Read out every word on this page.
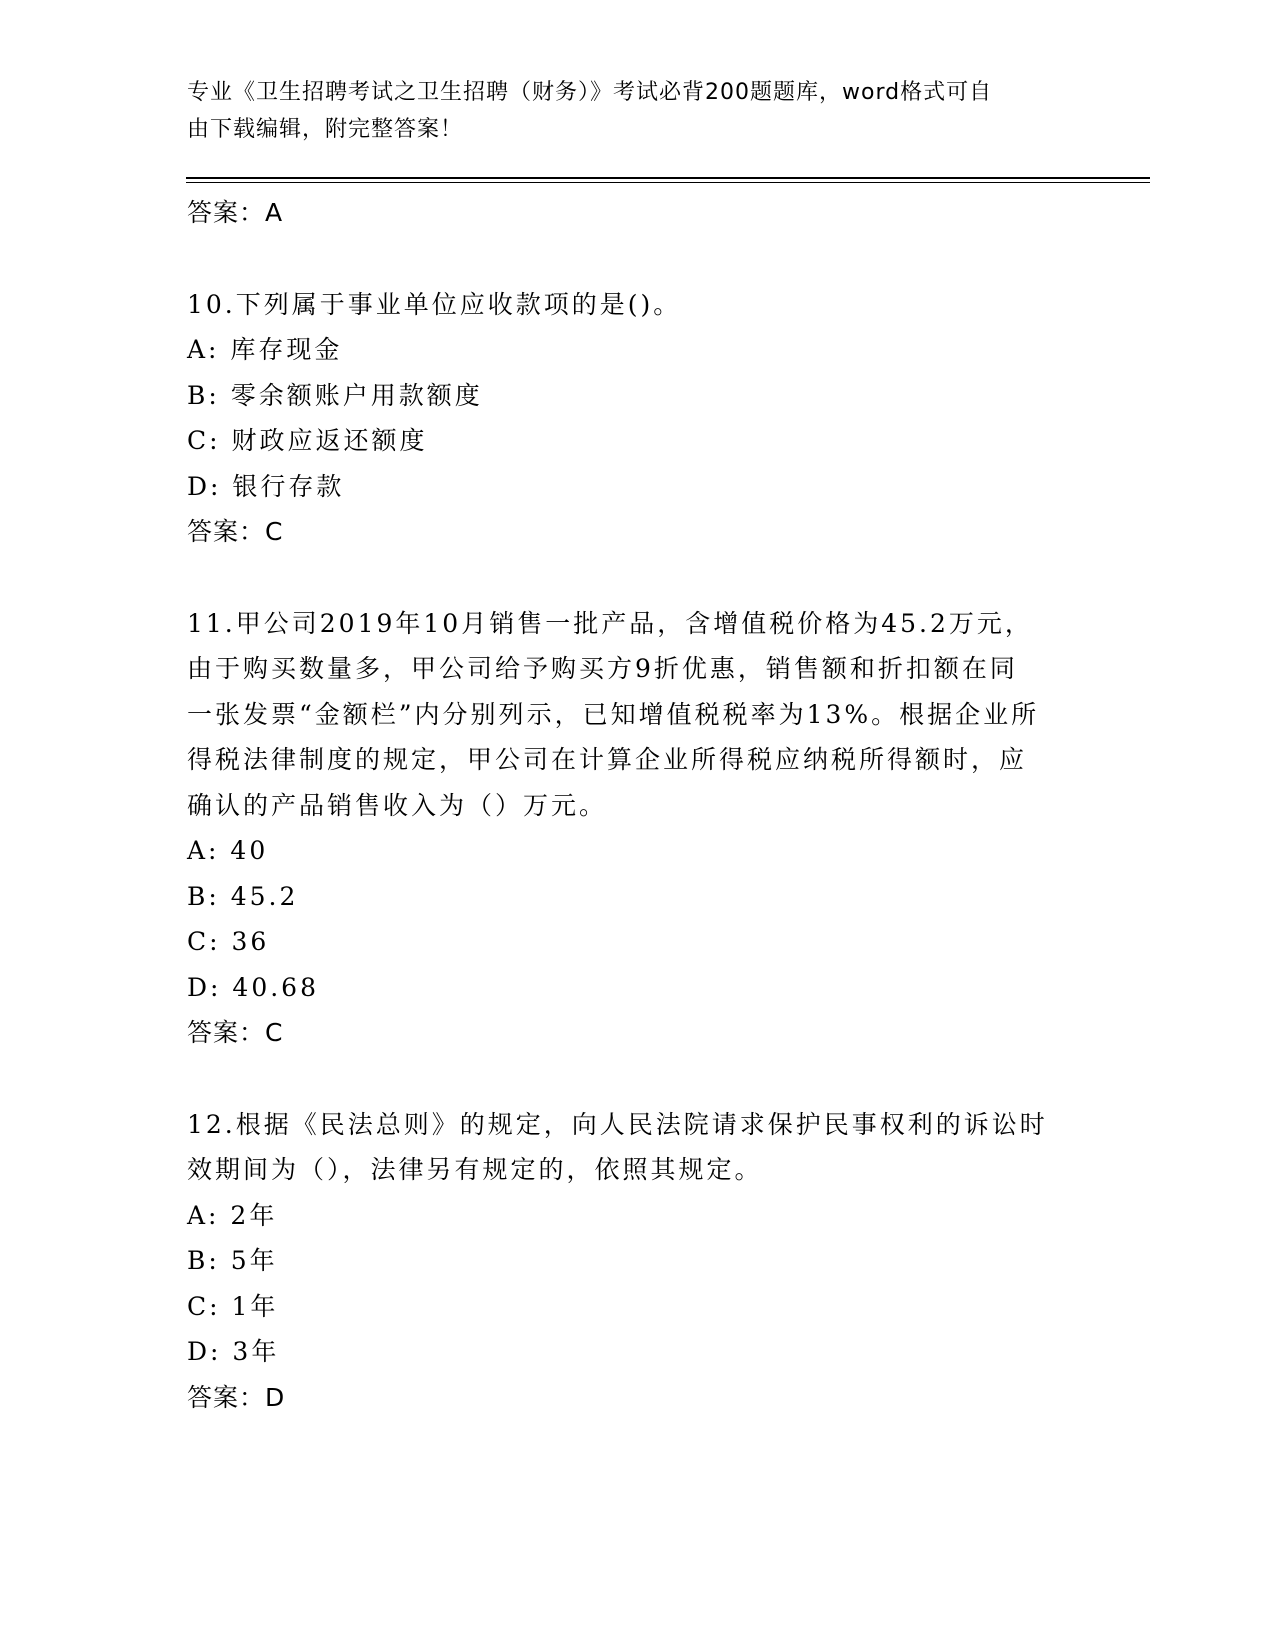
专业《卫生招聘考试之卫生招聘（财务）》考试必背200题题库，word格式可自
由下载编辑，附完整答案！
答案：A
10.下列属于事业单位应收款项的是()。
A: 库存现金
B: 零余额账户用款额度
C: 财政应返还额度
D: 银行存款
答案：C
11.甲公司2019年10月销售一批产品，含增值税价格为45.2万元，
由于购买数量多，甲公司给予购买方9折优惠，销售额和折扣额在同
一张发票“金额栏”内分别列示，已知增值税税率为13%。根据企业所
得税法律制度的规定，甲公司在计算企业所得税应纳税所得额时，应
确认的产品销售收入为（）万元。
A: 40
B: 45.2
C: 36
D: 40.68
答案：C
12.根据《民法总则》的规定，向人民法院请求保护民事权利的诉讼时
效期间为（），法律另有规定的，依照其规定。
A: 2年
B: 5年
C: 1年
D: 3年
答案：D
